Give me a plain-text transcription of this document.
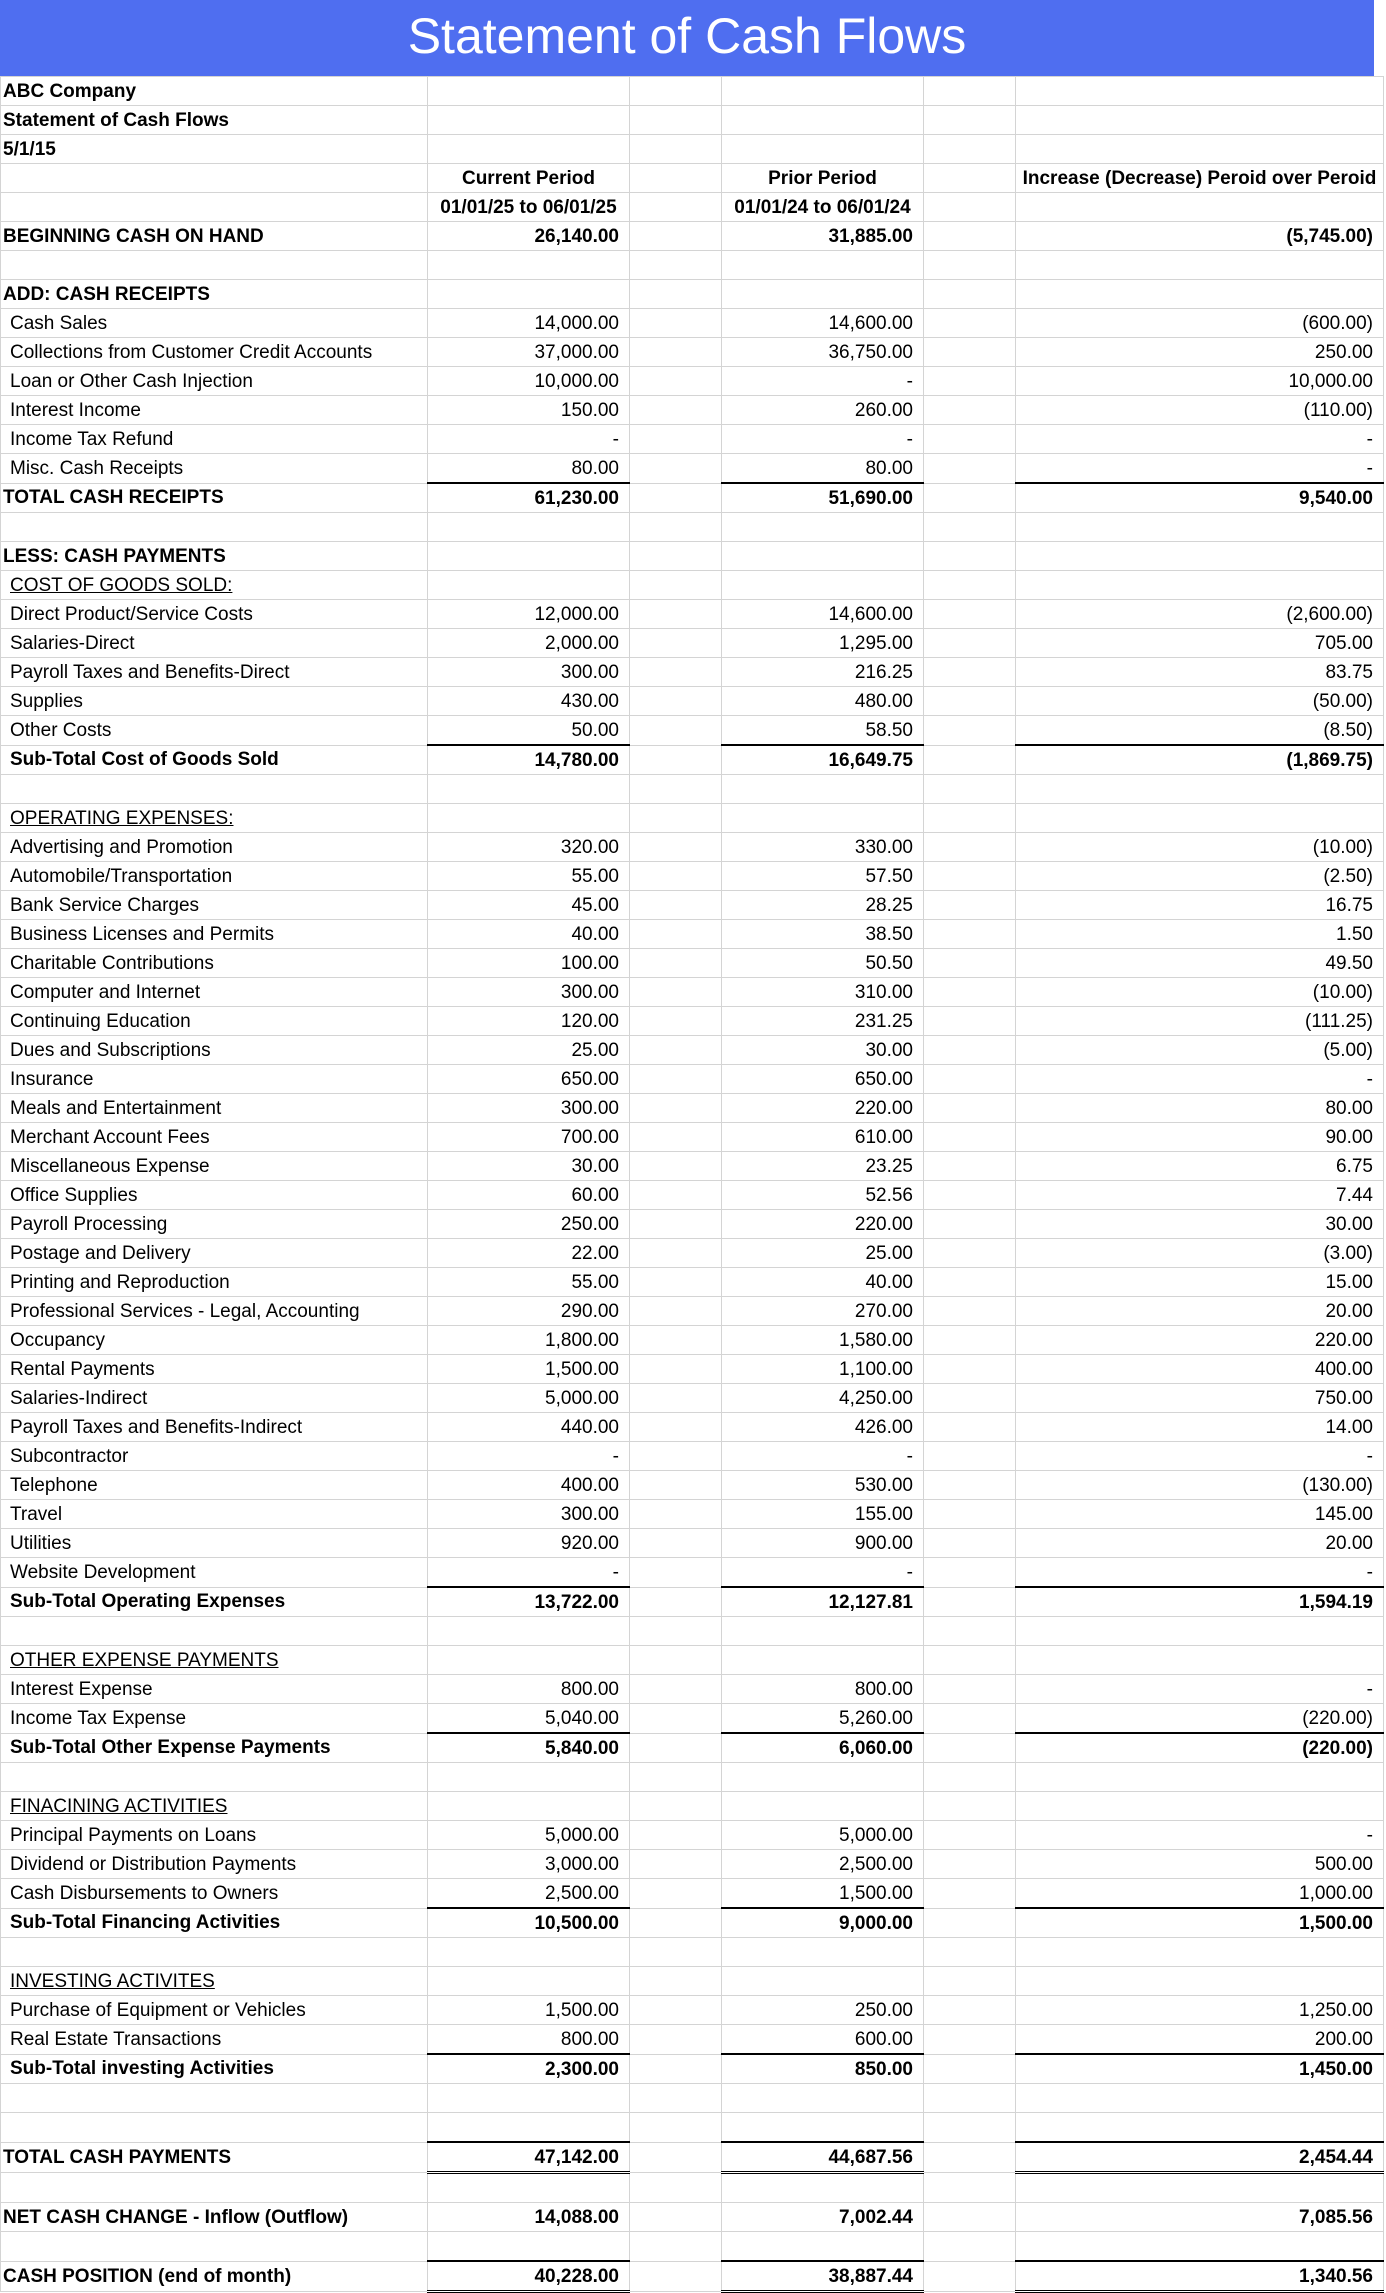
Statement of Cash Flows
ABC Company					
Statement of Cash Flows					
5/1/15					
	Current Period		Prior Period		Increase (Decrease) Peroid over Peroid
	01/01/25 to 06/01/25		01/01/24 to 06/01/24		
BEGINNING CASH ON HAND	26,140.00		31,885.00		(5,745.00)

ADD: CASH RECEIPTS					
Cash Sales	14,000.00		14,600.00		(600.00)
Collections from Customer Credit Accounts	37,000.00		36,750.00		250.00
Loan or Other Cash Injection	10,000.00		-		10,000.00
Interest Income	150.00		260.00		(110.00)
Income Tax Refund	-		-		-
Misc. Cash Receipts	80.00		80.00		-
TOTAL CASH RECEIPTS	61,230.00		51,690.00		9,540.00

LESS: CASH PAYMENTS					
COST OF GOODS SOLD:					
Direct Product/Service Costs	12,000.00		14,600.00		(2,600.00)
Salaries-Direct	2,000.00		1,295.00		705.00
Payroll Taxes and Benefits-Direct	300.00		216.25		83.75
Supplies	430.00		480.00		(50.00)
Other Costs	50.00		58.50		(8.50)
Sub-Total Cost of Goods Sold	14,780.00		16,649.75		(1,869.75)

OPERATING EXPENSES:					
Advertising and Promotion	320.00		330.00		(10.00)
Automobile/Transportation	55.00		57.50		(2.50)
Bank Service Charges	45.00		28.25		16.75
Business Licenses and Permits	40.00		38.50		1.50
Charitable Contributions	100.00		50.50		49.50
Computer and Internet	300.00		310.00		(10.00)
Continuing Education	120.00		231.25		(111.25)
Dues and Subscriptions	25.00		30.00		(5.00)
Insurance	650.00		650.00		-
Meals and Entertainment	300.00		220.00		80.00
Merchant Account Fees	700.00		610.00		90.00
Miscellaneous Expense	30.00		23.25		6.75
Office Supplies	60.00		52.56		7.44
Payroll Processing	250.00		220.00		30.00
Postage and Delivery	22.00		25.00		(3.00)
Printing and Reproduction	55.00		40.00		15.00
Professional Services - Legal, Accounting	290.00		270.00		20.00
Occupancy	1,800.00		1,580.00		220.00
Rental Payments	1,500.00		1,100.00		400.00
Salaries-Indirect	5,000.00		4,250.00		750.00
Payroll Taxes and Benefits-Indirect	440.00		426.00		14.00
Subcontractor	-		-		-
Telephone	400.00		530.00		(130.00)
Travel	300.00		155.00		145.00
Utilities	920.00		900.00		20.00
Website Development	-		-		-
Sub-Total Operating Expenses	13,722.00		12,127.81		1,594.19

OTHER EXPENSE PAYMENTS					
Interest Expense	800.00		800.00		-
Income Tax Expense	5,040.00		5,260.00		(220.00)
Sub-Total Other Expense Payments	5,840.00		6,060.00		(220.00)

FINACINING ACTIVITIES					
Principal Payments on Loans	5,000.00		5,000.00		-
Dividend or Distribution Payments	3,000.00		2,500.00		500.00
Cash Disbursements to Owners	2,500.00		1,500.00		1,000.00
Sub-Total Financing Activities	10,500.00		9,000.00		1,500.00

INVESTING ACTIVITES					
Purchase of Equipment or Vehicles	1,500.00		250.00		1,250.00
Real Estate Transactions	800.00		600.00		200.00
Sub-Total investing Activities	2,300.00		850.00		1,450.00

TOTAL CASH PAYMENTS	47,142.00		44,687.56		2,454.44

NET CASH CHANGE - Inflow (Outflow)	14,088.00		7,002.44		7,085.56

CASH POSITION (end of month)	40,228.00		38,887.44		1,340.56
